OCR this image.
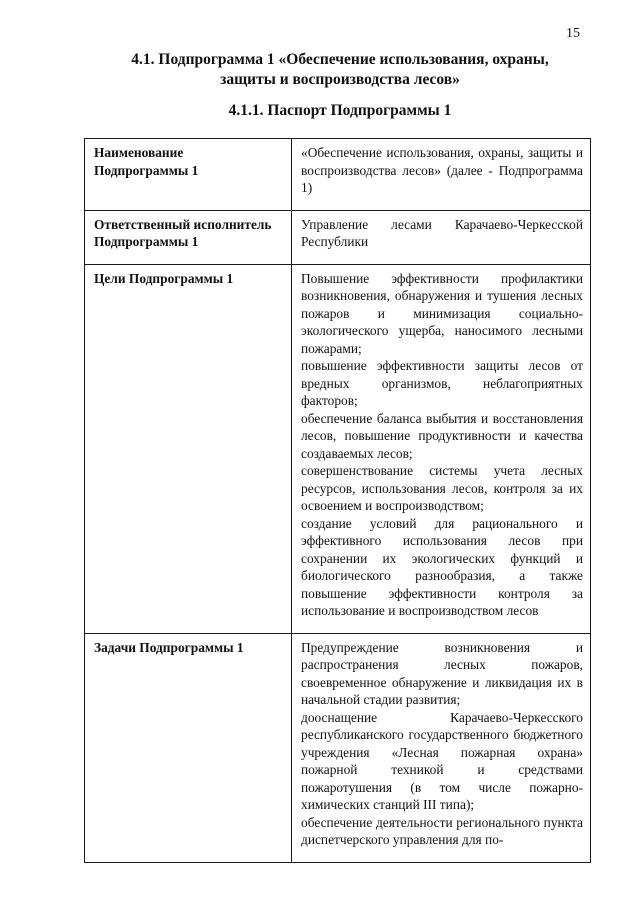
15
4.1. Подпрограмма 1 «Обеспечение использования, охраны,
защиты и воспроизводства лесов»
4.1.1. Паспорт Подпрограммы 1
Наименование
Подпрограммы 1	«Обеспечение использования, охраны, защиты и воспроизводства лесов» (далее - Подпрограмма 1)

Ответственный исполнитель Подпрограммы 1	Управление лесами Карачаево-Черкесской Республики

Цели Подпрограммы 1	Повышение эффективности профилактики возникновения, обнаружения и тушения лесных пожаров и минимизация социально-экологического ущерба, наносимого лесными пожарами;

повышение эффективности защиты лесов от вредных организмов, неблагоприятных факторов;

обеспечение баланса выбытия и восстановления лесов, повышение продуктивности и качества создаваемых лесов;

совершенствование системы учета лесных ресурсов, использования лесов, контроля за их освоением и воспроизводством;

создание условий для рационального и эффективного использования лесов при сохранении их экологических функций и биологического разнообразия, а также повышение эффективности контроля за использование и воспроизводством лесов

Задачи Подпрограммы 1	Предупреждение возникновения и распространения лесных пожаров, своевременное обнаружение и ликвидация их в начальной стадии развития;

дооснащение Карачаево-Черкесского республиканского государственного бюджетного учреждения «Лесная пожарная охрана» пожарной техникой и средствами пожаротушения (в том числе пожарно-химических станций III типа);

обеспечение деятельности регионального пункта диспетчерского управления для по-
